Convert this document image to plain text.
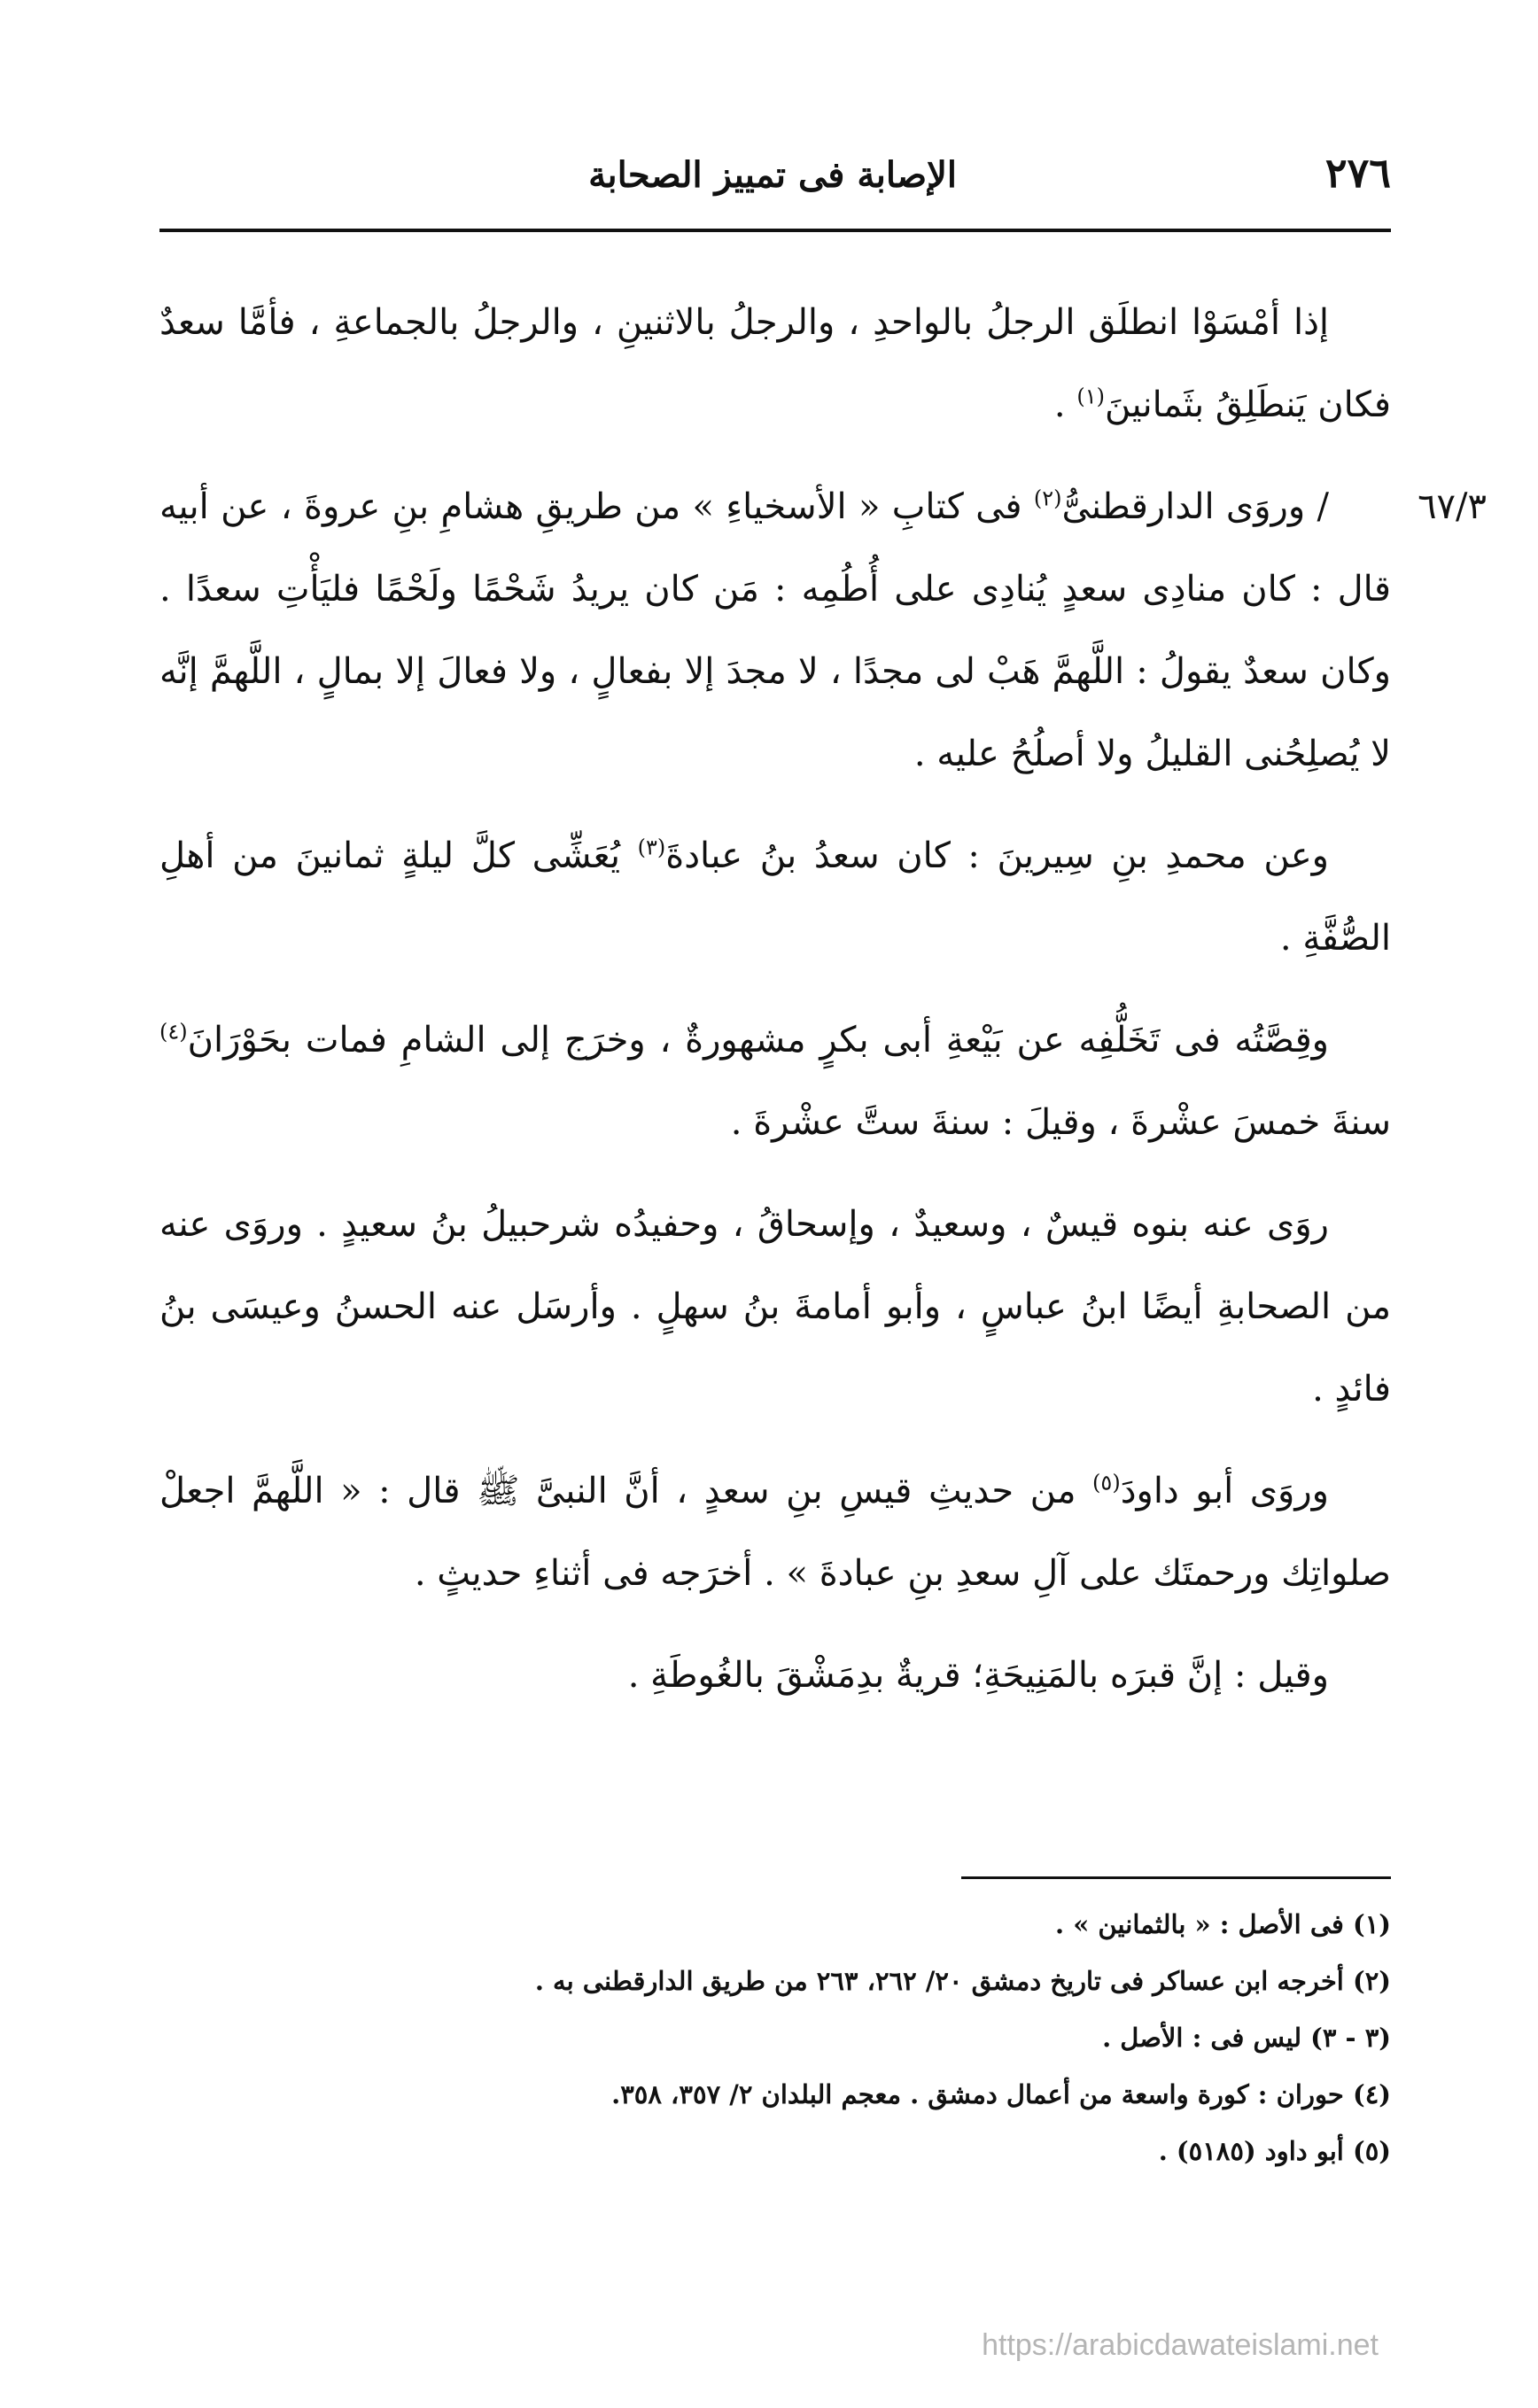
٢٧٦
الإصابة فى تمييز الصحابة

إذا أمْسَوْا انطلَق الرجلُ بالواحدِ ، والرجلُ بالاثنينِ ، والرجلُ بالجماعةِ ، فأمَّا سعدٌ فكان يَنطَلِقُ بثَمانينَ$^{(١)}$ .

٦٧/٣
/ وروَى الدارقطنىُّ$^{(٢)}$ فى كتابِ « الأسخياءِ » من طريقِ هشامِ بنِ عروةَ ، عن أبيه قال : كان منادِى سعدٍ يُنادِى على أُطُمِه : مَن كان يريدُ شَحْمًا ولَحْمًا فليَأْتِ سعدًا . وكان سعدٌ يقولُ : اللَّهمَّ هَبْ لى مجدًا ، لا مجدَ إلا بفعالٍ ، ولا فعالَ إلا بمالٍ ، اللَّهمَّ إنَّه لا يُصلِحُنى القليلُ ولا أصلُحُ عليه .

وعن محمدِ بنِ سِيرينَ : كان سعدُ بنُ عبادةَ$^{(٣)}$ يُعَشِّى كلَّ ليلةٍ ثمانينَ من أهلِ الصُّفَّةِ .

وقِصَّتُه فى تَخَلُّفِه عن بَيْعةِ أبى بكرٍ مشهورةٌ ، وخرَج إلى الشامِ فمات بحَوْرَانَ$^{(٤)}$ سنةَ خمسَ عشْرةَ ، وقيلَ : سنةَ ستَّ عشْرةَ .

روَى عنه بنوه قيسٌ ، وسعيدٌ ، وإسحاقُ ، وحفيدُه شرحبيلُ بنُ سعيدٍ . وروَى عنه من الصحابةِ أيضًا ابنُ عباسٍ ، وأبو أمامةَ بنُ سهلٍ . وأرسَل عنه الحسنُ وعيسَى بنُ فائدٍ .

وروَى أبو داودَ$^{(٥)}$ من حديثِ قيسِ بنِ سعدٍ ، أنَّ النبىَّ ﷺ قال : « اللَّهمَّ اجعلْ صلواتِك ورحمتَك على آلِ سعدِ بنِ عبادةَ » . أخرَجه فى أثناءِ حديثٍ .

وقيل : إنَّ قبرَه بالمَنِيحَةِ؛ قريةٌ بدِمَشْقَ بالغُوطَةِ .

(١) فى الأصل : « بالثمانين » .
(٢) أخرجه ابن عساكر فى تاريخ دمشق ٢٠/ ٢٦٢، ٢٦٣ من طريق الدارقطنى به .
(٣ - ٣) ليس فى : الأصل .
(٤) حوران : كورة واسعة من أعمال دمشق . معجم البلدان ٢/ ٣٥٧، ٣٥٨.
(٥) أبو داود (٥١٨٥) .
https://arabicdawateislami.net
